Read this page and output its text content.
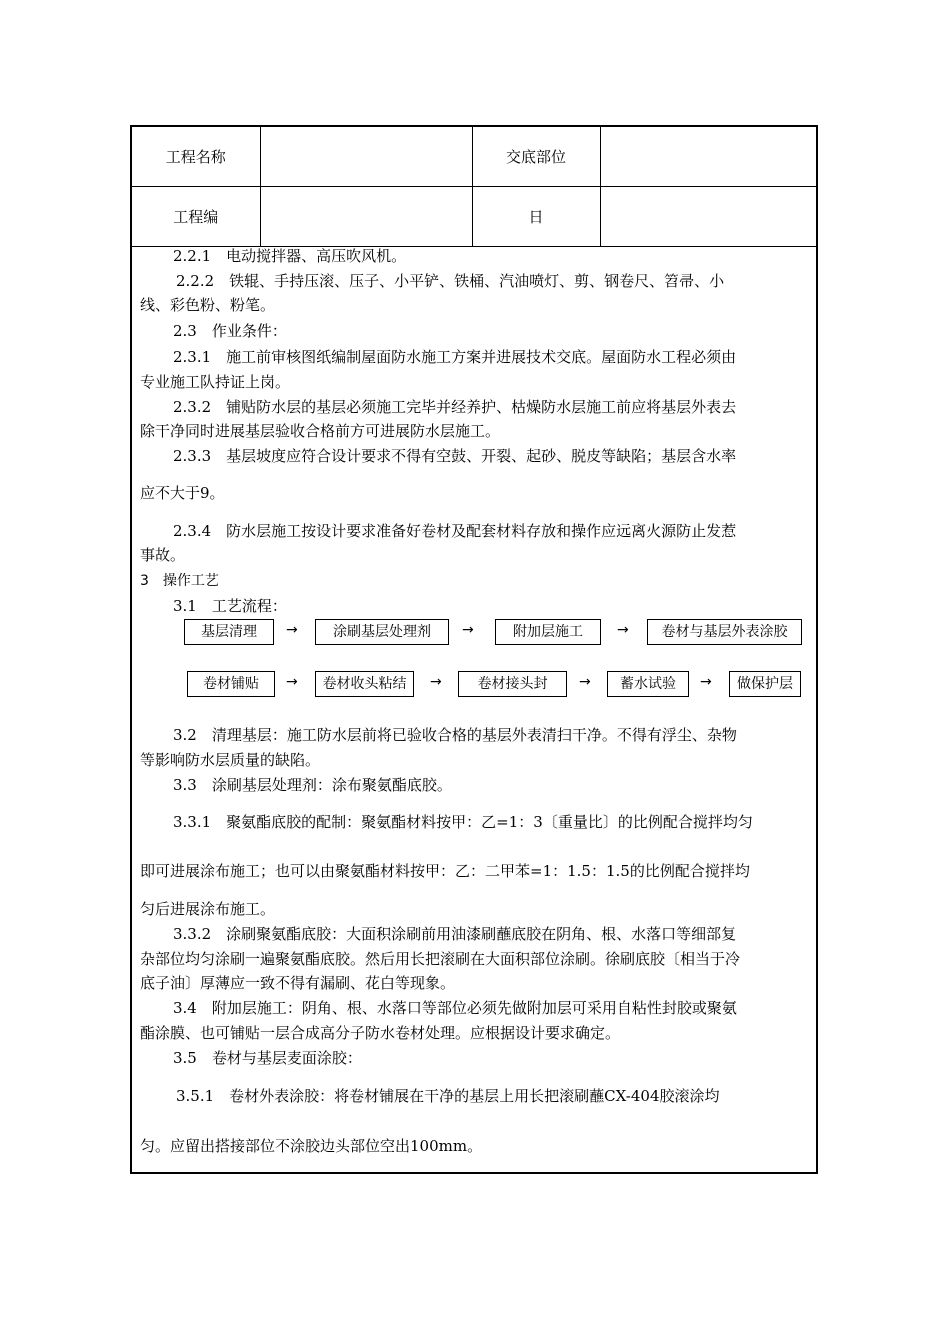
工程名称		交底部位	
工程编		日	
2.2.1　电动搅拌器、高压吹风机。
2.2.2　铁辊、手持压滚、压子、小平铲、铁桶、汽油喷灯、剪、钢卷尺、笤帚、小
线、彩色粉、粉笔。
2.3　作业条件：
2.3.1　施工前审核图纸编制屋面防水施工方案并进展技术交底。屋面防水工程必须由
专业施工队持证上岗。
2.3.2　铺贴防水层的基层必须施工完毕并经养护、枯燥防水层施工前应将基层外表去
除干净同时进展基层验收合格前方可进展防水层施工。
2.3.3　基层坡度应符合设计要求不得有空鼓、开裂、起砂、脱皮等缺陷；基层含水率
应不大于9。
2.3.4　防水层施工按设计要求准备好卷材及配套材料存放和操作应远离火源防止发惹
事故。
3　操作工艺
3.1　工艺流程：
基层清理	→	涂刷基层处理剂	→	附加层施工	→	卷材与基层外表涂胶
卷材铺贴	→	卷材收头粘结	→	卷材接头封	→	蓄水试验	→	做保护层
3.2　清理基层：施工防水层前将已验收合格的基层外表清扫干净。不得有浮尘、杂物
等影响防水层质量的缺陷。
3.3　涂刷基层处理剂：涂布聚氨酯底胶。
3.3.1　聚氨酯底胶的配制：聚氨酯材料按甲：乙=1：3〔重量比〕的比例配合搅拌均匀
即可进展涂布施工；也可以由聚氨酯材料按甲：乙：二甲苯=1：1.5：1.5的比例配合搅拌均
匀后进展涂布施工。
3.3.2　涂刷聚氨酯底胶：大面积涂刷前用油漆刷蘸底胶在阴角、根、水落口等细部复
杂部位均匀涂刷一遍聚氨酯底胶。然后用长把滚刷在大面积部位涂刷。徐刷底胶〔相当于冷
底子油〕厚薄应一致不得有漏刷、花白等现象。
3.4　附加层施工：阴角、根、水落口等部位必须先做附加层可采用自粘性封胶或聚氨
酯涂膜、也可铺贴一层合成高分子防水卷材处理。应根据设计要求确定。
3.5　卷材与基层麦面涂胶：
3.5.1　卷材外表涂胶：将卷材铺展在干净的基层上用长把滚刷蘸CX-404胶滚涂均
匀。应留出搭接部位不涂胶边头部位空出100mm。
